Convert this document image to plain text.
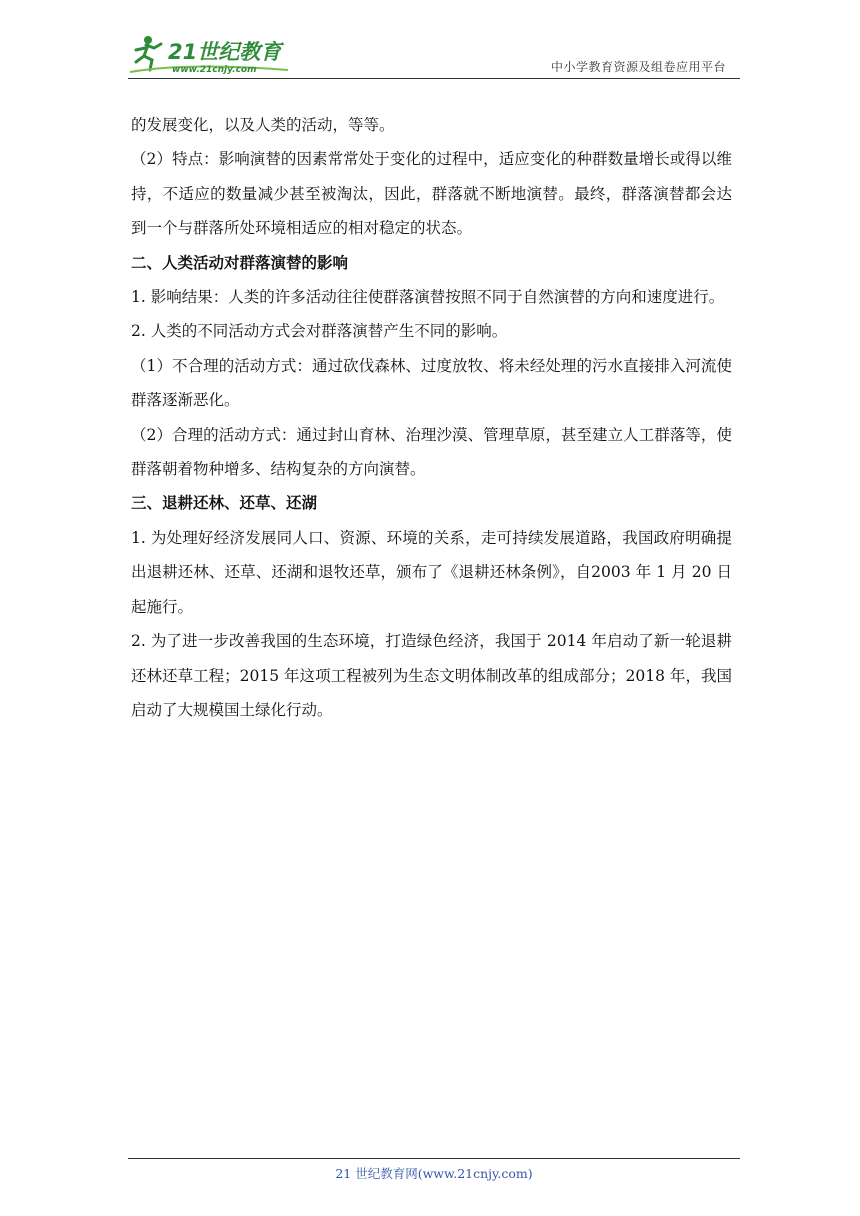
21世纪教育
www.21cnjy.com	中小学教育资源及组卷应用平台

的发展变化，以及人类的活动，等等。

（2）特点：影响演替的因素常常处于变化的过程中，适应变化的种群数量增长或得以维持，不适应的数量减少甚至被淘汰，因此，群落就不断地演替。最终，群落演替都会达到一个与群落所处环境相适应的相对稳定的状态。

二、人类活动对群落演替的影响

1. 影响结果：人类的许多活动往往使群落演替按照不同于自然演替的方向和速度进行。

2. 人类的不同活动方式会对群落演替产生不同的影响。

（1）不合理的活动方式：通过砍伐森林、过度放牧、将未经处理的污水直接排入河流使群落逐渐恶化。

（2）合理的活动方式：通过封山育林、治理沙漠、管理草原，甚至建立人工群落等，使群落朝着物种增多、结构复杂的方向演替。

三、退耕还林、还草、还湖

1. 为处理好经济发展同人口、资源、环境的关系，走可持续发展道路，我国政府明确提出退耕还林、还草、还湖和退牧还草，颁布了《退耕还林条例》，自2003 年 1 月 20 日起施行。

2. 为了进一步改善我国的生态环境，打造绿色经济，我国于 2014 年启动了新一轮退耕还林还草工程；2015 年这项工程被列为生态文明体制改革的组成部分；2018 年，我国启动了大规模国土绿化行动。

21 世纪教育网(www.21cnjy.com)
